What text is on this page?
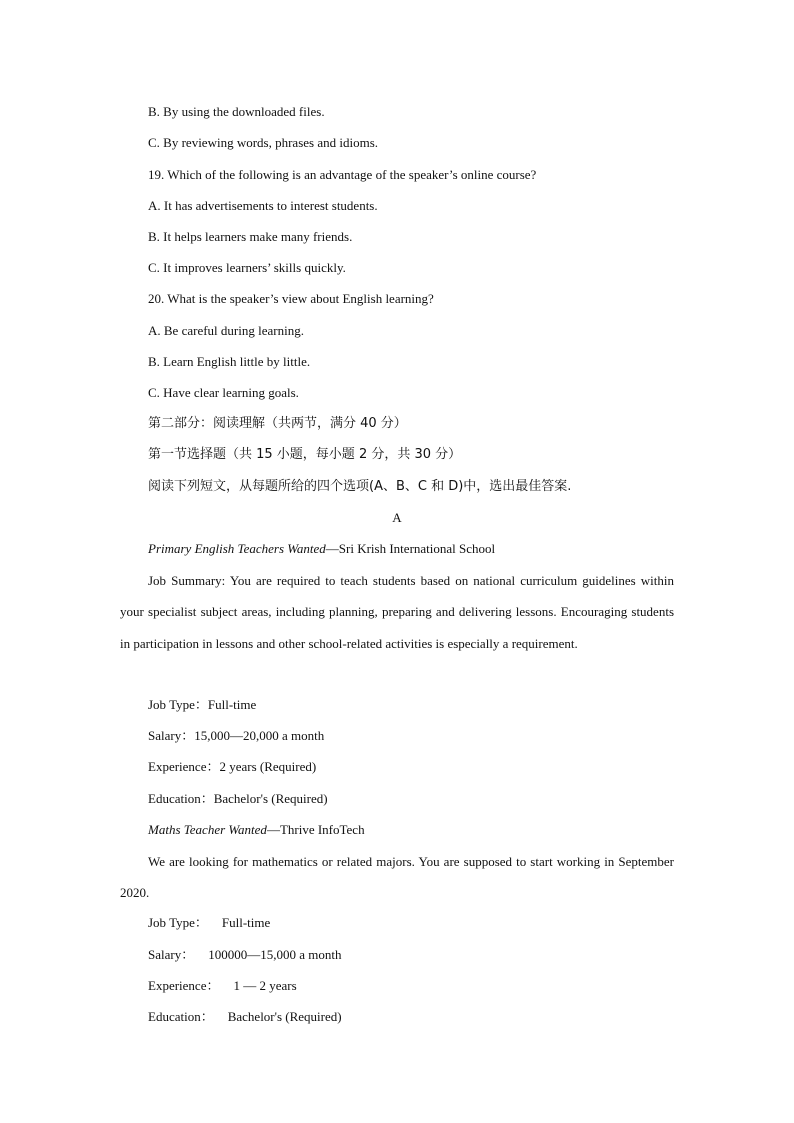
B. By using the downloaded files.
C. By reviewing words, phrases and idioms.
19. Which of the following is an advantage of the speaker’s online course?
A. It has advertisements to interest students.
B. It helps learners make many friends.
C. It improves learners’ skills quickly.
20. What is the speaker’s view about English learning?
A. Be careful during learning.
B. Learn English little by little.
C. Have clear learning goals.
第二部分：阅读理解（共两节，满分 40 分）
第一节选择题（共 15 小题，每小题 2 分，共 30 分）
阅读下列短文，从每题所给的四个选项(A、B、C 和 D)中，选出最佳答案.
A
Primary English Teachers Wanted—Sri Krish International School

Job Summary: You are required to teach students based on national curriculum guidelines within your specialist subject areas, including planning, preparing and delivering lessons. Encouraging students in participation in lessons and other school-related activities is especially a requirement.

Job Type：Full-time
Salary：15,000—20,000 a month
Experience：2 years (Required)
Education：Bachelor's (Required)
Maths Teacher Wanted—Thrive InfoTech

We are looking for mathematics or related majors. You are supposed to start working in September 2020.

Job Type： Full-time
Salary： 100000—15,000 a month
Experience： 1 — 2 years
Education： Bachelor's (Required)
